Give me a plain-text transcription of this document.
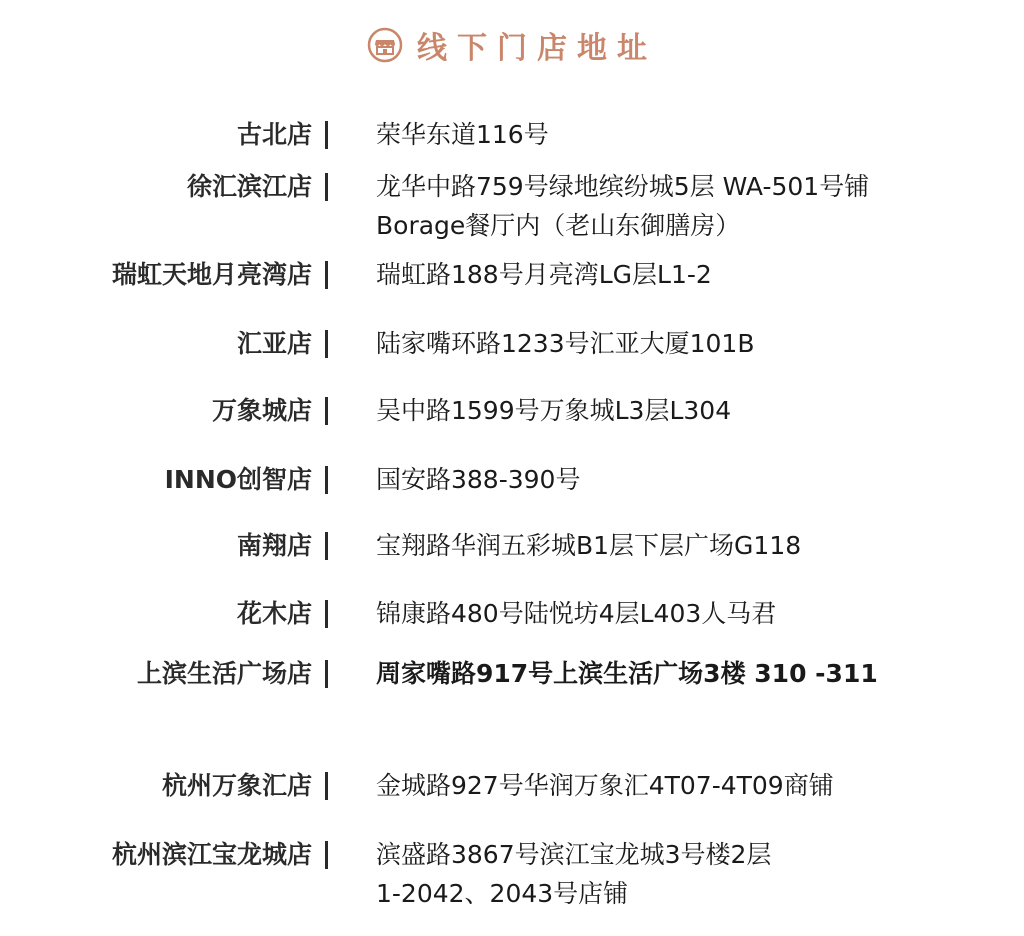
线下门店地址
古北店	荣华东道116号
徐汇滨江店	龙华中路759号绿地缤纷城5层 WA-501号铺
Borage餐厅内（老山东御膳房）
瑞虹天地月亮湾店	瑞虹路188号月亮湾LG层L1-2
汇亚店	陆家嘴环路1233号汇亚大厦101B
万象城店	吴中路1599号万象城L3层L304
INNO创智店	国安路388-390号
南翔店	宝翔路华润五彩城B1层下层广场G118
花木店	锦康路480号陆悦坊4层L403人马君
上滨生活广场店	周家嘴路917号上滨生活广场3楼 310 -311
杭州万象汇店	金城路927号华润万象汇4T07-4T09商铺
杭州滨江宝龙城店	滨盛路3867号滨江宝龙城3号楼2层
1-2042、2043号店铺
